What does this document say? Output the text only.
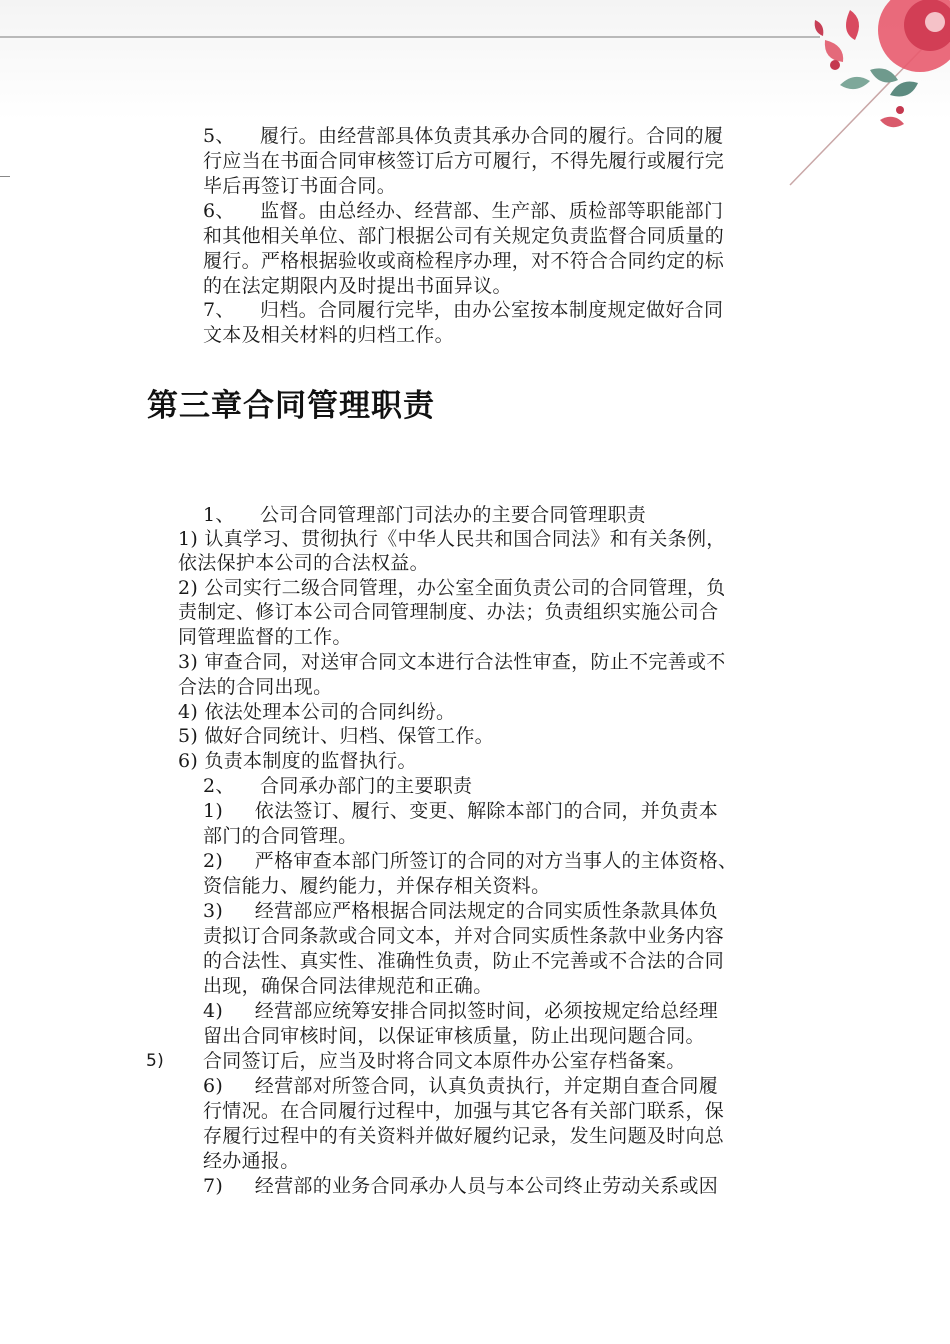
5、    履行。由经营部具体负责其承办合同的履行。合同的履
行应当在书面合同审核签订后方可履行，不得先履行或履行完
毕后再签订书面合同。
6、    监督。由总经办、经营部、生产部、质检部等职能部门
和其他相关单位、部门根据公司有关规定负责监督合同质量的
履行。严格根据验收或商检程序办理，对不符合合同约定的标
的在法定期限内及时提出书面异议。
7、    归档。合同履行完毕，由办公室按本制度规定做好合同
文本及相关材料的归档工作。
第三章合同管理职责
1、    公司合同管理部门司法办的主要合同管理职责
1) 认真学习、贯彻执行《中华人民共和国合同法》和有关条例，
依法保护本公司的合法权益。
2) 公司实行二级合同管理，办公室全面负责公司的合同管理，负
责制定、修订本公司合同管理制度、办法；负责组织实施公司合
同管理监督的工作。
3) 审查合同，对送审合同文本进行合法性审查，防止不完善或不
合法的合同出现。
4) 依法处理本公司的合同纠纷。
5) 做好合同统计、归档、保管工作。
6) 负责本制度的监督执行。
2、    合同承办部门的主要职责
1)     依法签订、履行、变更、解除本部门的合同，并负责本
部门的合同管理。
2)     严格审查本部门所签订的合同的对方当事人的主体资格、
资信能力、履约能力，并保存相关资料。
3)     经营部应严格根据合同法规定的合同实质性条款具体负
责拟订合同条款或合同文本，并对合同实质性条款中业务内容
的合法性、真实性、准确性负责，防止不完善或不合法的合同
出现，确保合同法律规范和正确。
4)     经营部应统筹安排合同拟签时间，必须按规定给总经理
留出合同审核时间，以保证审核质量，防止出现问题合同。
5) 合同签订后，应当及时将合同文本原件办公室存档备案。
6)     经营部对所签合同，认真负责执行，并定期自查合同履
行情况。在合同履行过程中，加强与其它各有关部门联系，保
存履行过程中的有关资料并做好履约记录，发生问题及时向总
经办通报。
7)     经营部的业务合同承办人员与本公司终止劳动关系或因
